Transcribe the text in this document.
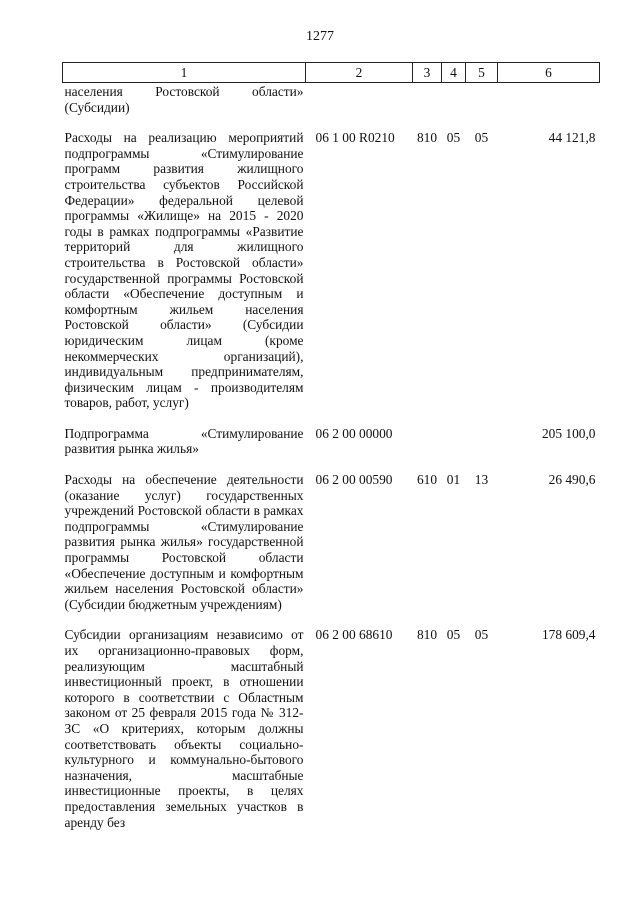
1277
1	2	3	4	5	6
населения Ростовской области» (Субсидии)					
Расходы на реализацию мероприятий подпрограммы «Стимулирование программ развития жилищного строительства субъектов Российской Федерации» федеральной целевой программы «Жилище» на 2015 - 2020 годы в рамках подпрограммы «Развитие территорий для жилищного строительства в Ростовской области» государственной программы Ростовской области «Обеспечение доступным и комфортным жильем населения Ростовской области» (Субсидии юридическим лицам (кроме некоммерческих организаций), индивидуальным предпринимателям, физическим лицам - производителям товаров, работ, услуг)	06 1 00 R0210	810	05	05	44 121,8
Подпрограмма «Стимулирование развития рынка жилья»	06 2 00 00000				205 100,0
Расходы на обеспечение деятельности (оказание услуг) государственных учреждений Ростовской области в рамках подпрограммы «Стимулирование развития рынка жилья» государственной программы Ростовской области «Обеспечение доступным и комфортным жильем населения Ростовской области» (Субсидии бюджетным учреждениям)	06 2 00 00590	610	01	13	26 490,6
Субсидии организациям независимо от их организационно-правовых форм, реализующим масштабный инвестиционный проект, в отношении которого в соответствии с Областным законом от 25 февраля 2015 года № 312-ЗС «О критериях, которым должны соответствовать объекты социально-культурного и коммунально-бытового назначения, масштабные инвестиционные проекты, в целях предоставления земельных участков в аренду без	06 2 00 68610	810	05	05	178 609,4
